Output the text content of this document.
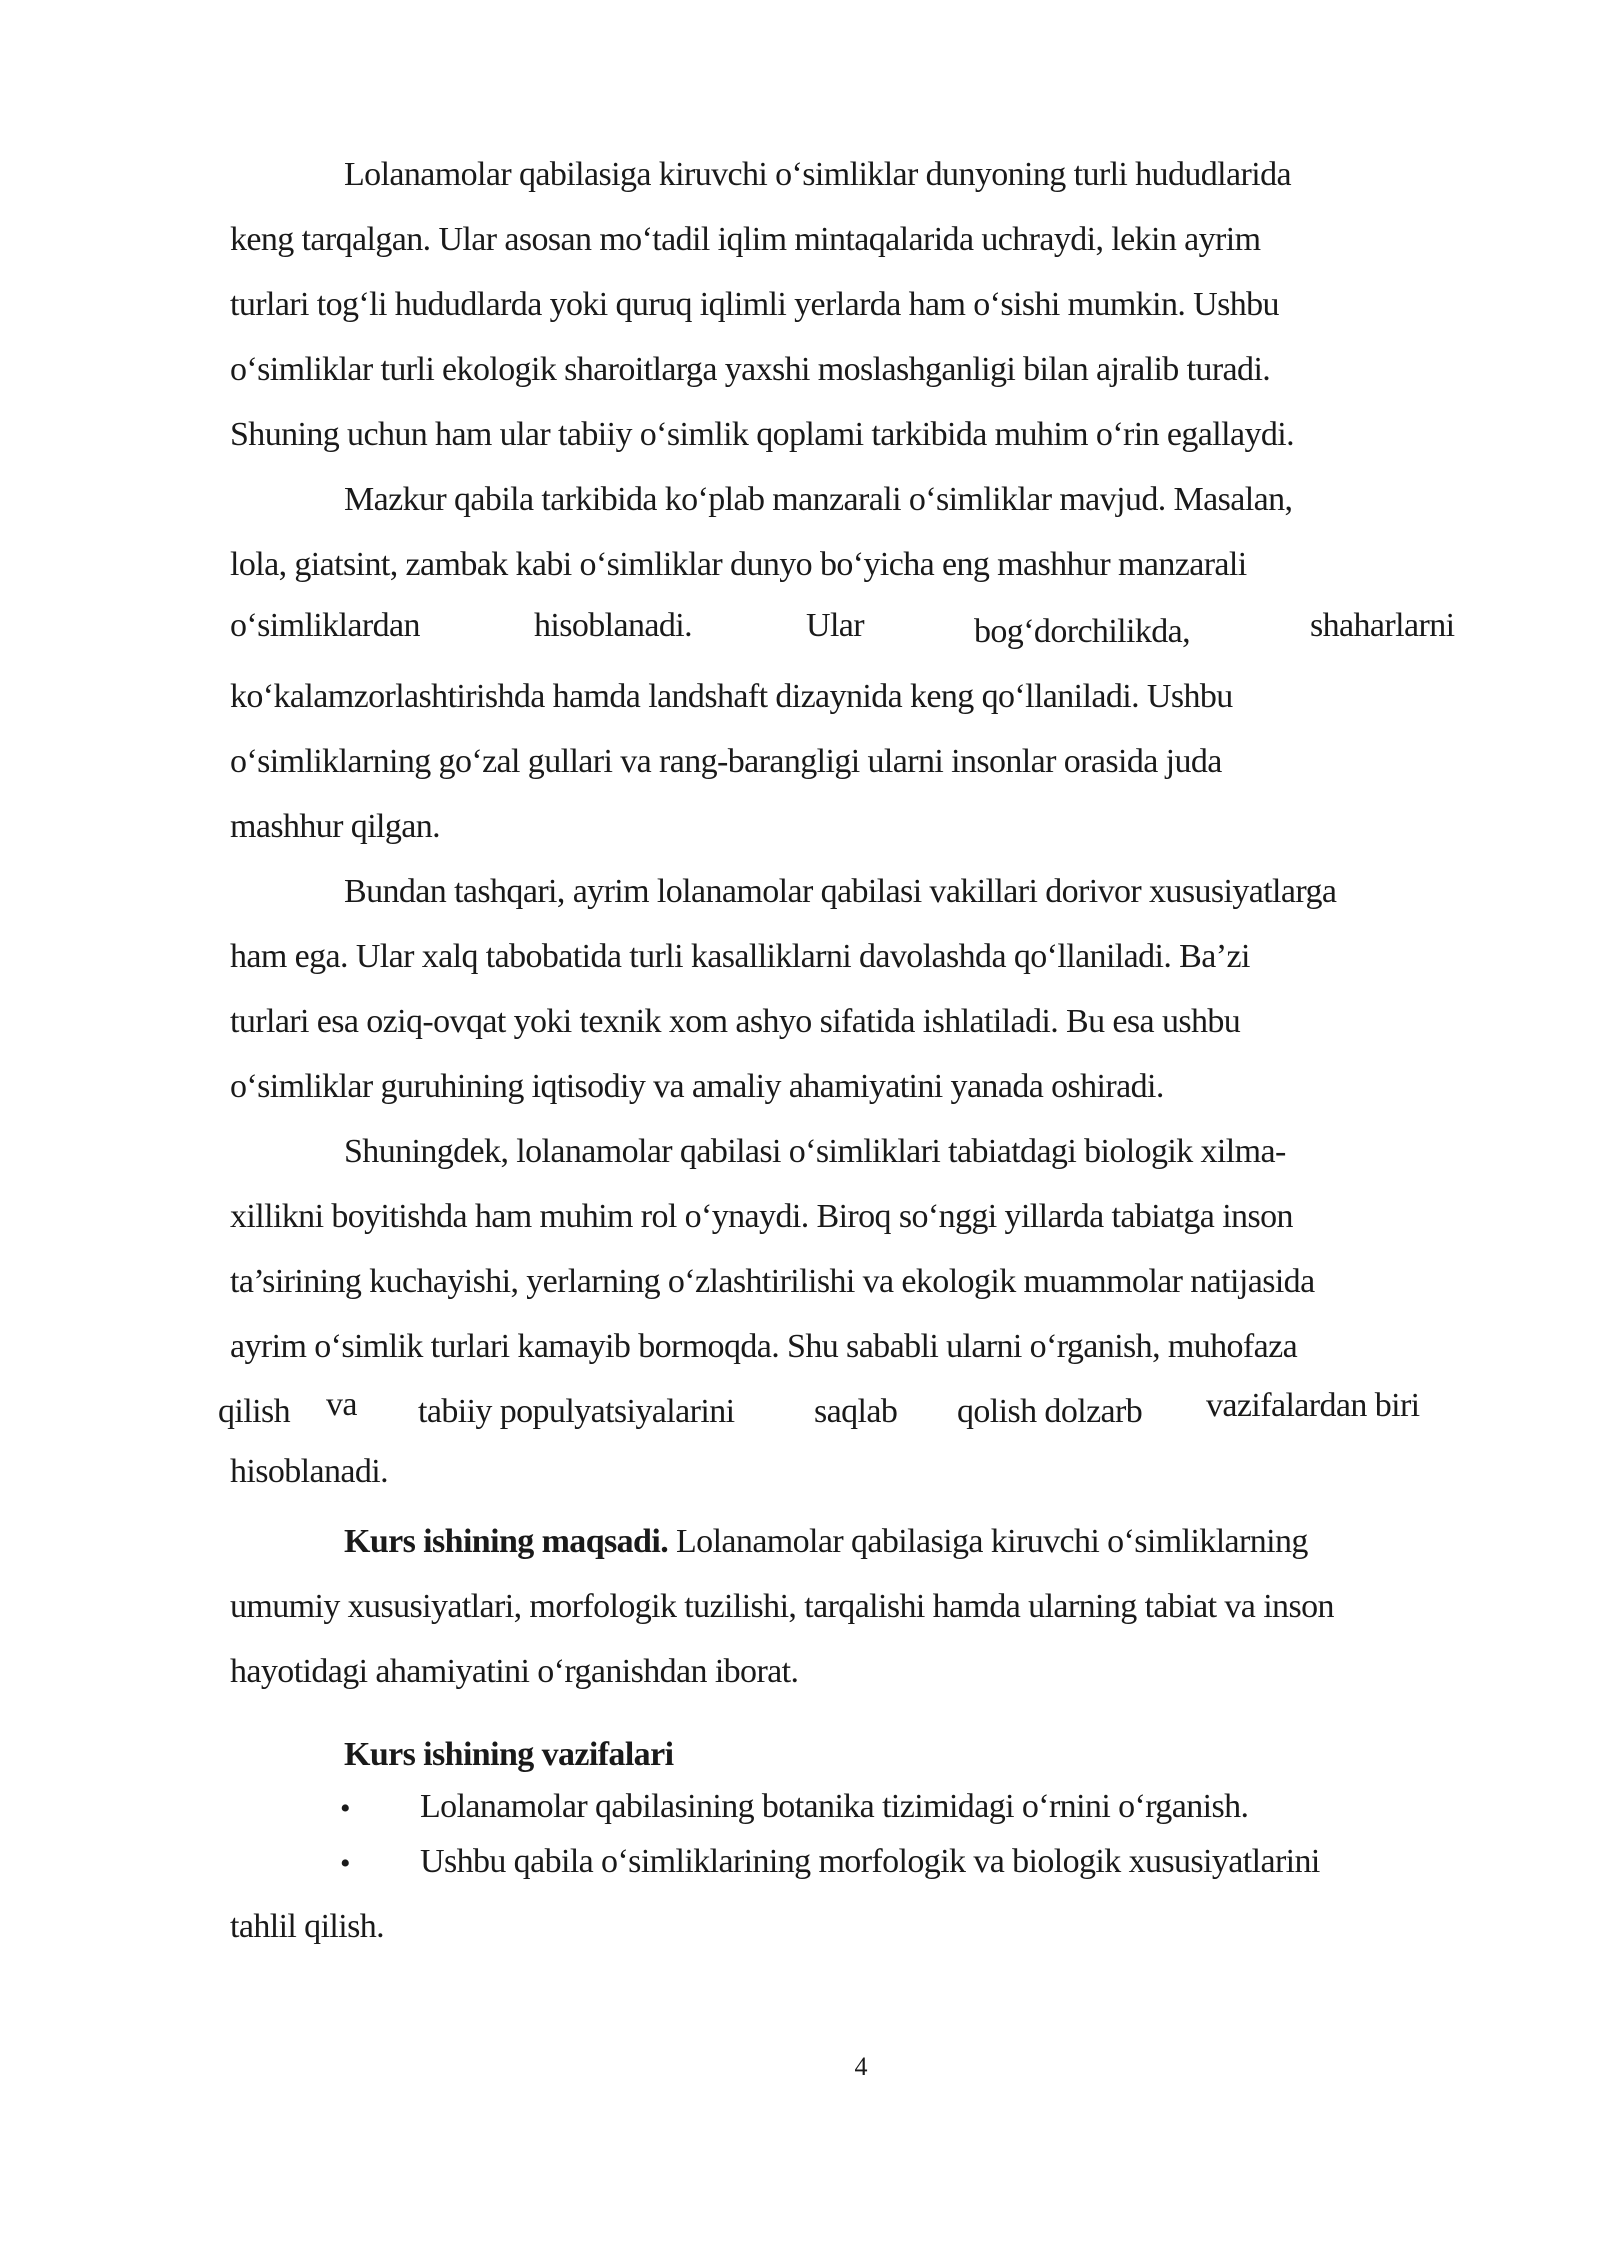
Lolanamolar qabilasiga kiruvchi o‘simliklar dunyoning turli hududlarida
keng tarqalgan. Ular asosan mo‘tadil iqlim mintaqalarida uchraydi, lekin ayrim
turlari tog‘li hududlarda yoki quruq iqlimli yerlarda ham o‘sishi mumkin. Ushbu
o‘simliklar turli ekologik sharoitlarga yaxshi moslashganligi bilan ajralib turadi.
Shuning uchun ham ular tabiiy o‘simlik qoplami tarkibida muhim o‘rin egallaydi.
Mazkur qabila tarkibida ko‘plab manzarali o‘simliklar mavjud. Masalan,
lola, giatsint, zambak kabi o‘simliklar dunyo bo‘yicha eng mashhur manzarali
o‘simliklardan	hisoblanadi.	Ular	bog‘dorchilikda,	shaharlarni
ko‘kalamzorlashtirishda hamda landshaft dizaynida keng qo‘llaniladi. Ushbu
o‘simliklarning go‘zal gullari va rang-barangligi ularni insonlar orasida juda
mashhur qilgan.
Bundan tashqari, ayrim lolanamolar qabilasi vakillari dorivor xususiyatlarga
ham ega. Ular xalq tabobatida turli kasalliklarni davolashda qo‘llaniladi. Ba’zi
turlari esa oziq-ovqat yoki texnik xom ashyo sifatida ishlatiladi. Bu esa ushbu
o‘simliklar guruhining iqtisodiy va amaliy ahamiyatini yanada oshiradi.
Shuningdek, lolanamolar qabilasi o‘simliklari tabiatdagi biologik xilma-
xillikni boyitishda ham muhim rol o‘ynaydi. Biroq so‘nggi yillarda tabiatga inson
ta’sirining kuchayishi, yerlarning o‘zlashtirilishi va ekologik muammolar natijasida
ayrim o‘simlik turlari kamayib bormoqda. Shu sababli ularni o‘rganish, muhofaza
qilish va tabiiy populyatsiyalarini saqlab qolish dolzarb vazifalardan biri
hisoblanadi.
Kurs ishining maqsadi. Lolanamolar qabilasiga kiruvchi o‘simliklarning
umumiy xususiyatlari, morfologik tuzilishi, tarqalishi hamda ularning tabiat va inson
hayotidagi ahamiyatini o‘rganishdan iborat.
Kurs ishining vazifalari
• Lolanamolar qabilasining botanika tizimidagi o‘rnini o‘rganish.
• Ushbu qabila o‘simliklarining morfologik va biologik xususiyatlarini
tahlil qilish.
4
